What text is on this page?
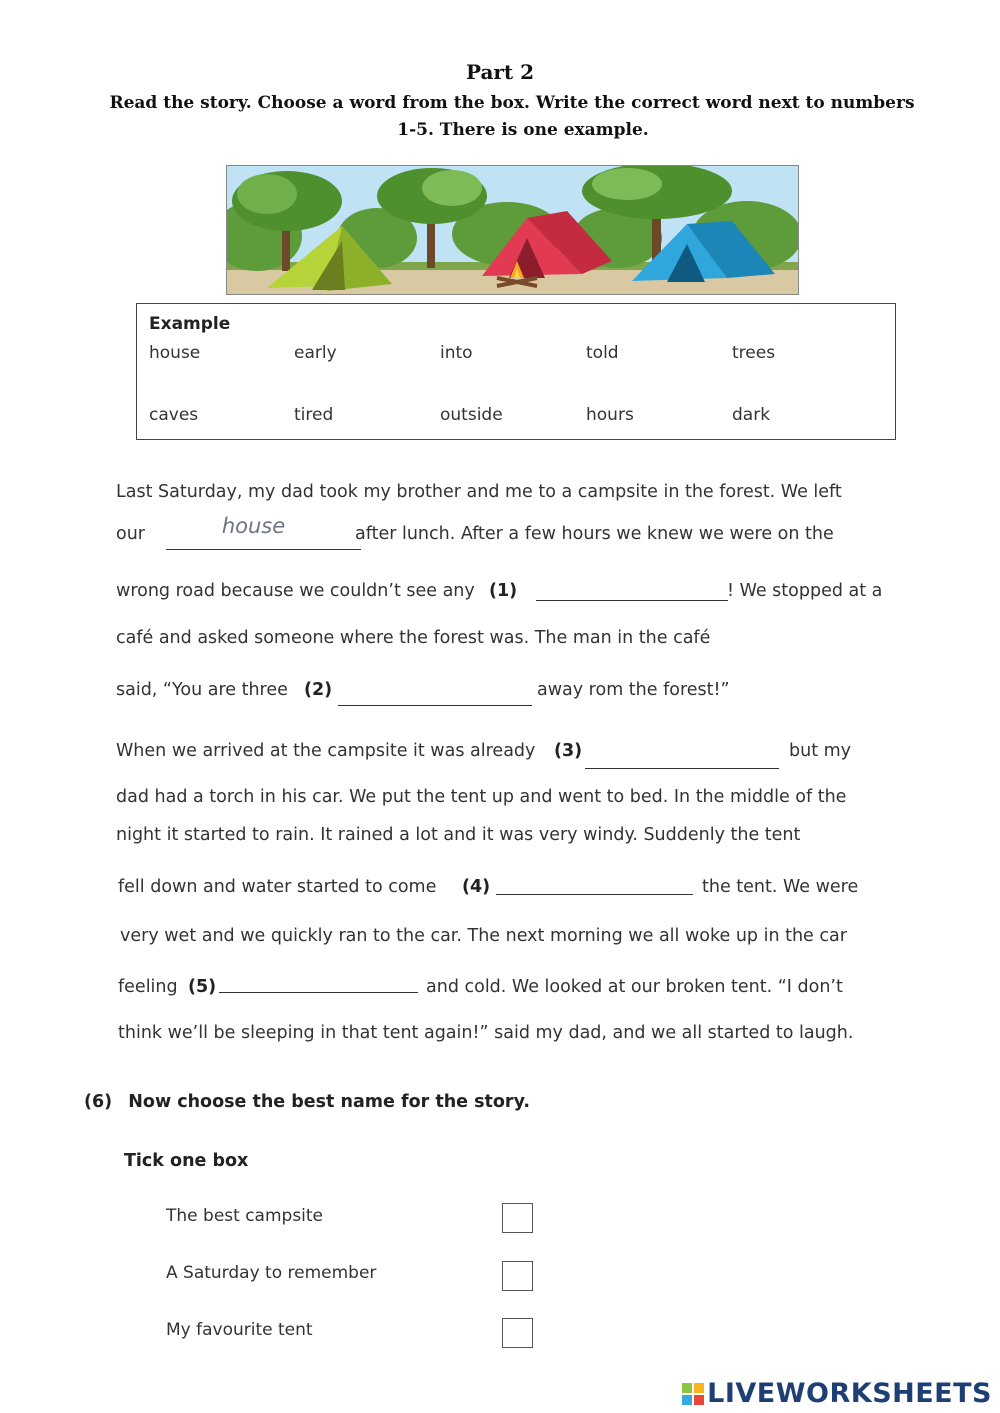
Part 2
Read the story. Choose a word from the box. Write the correct word next to numbers
1-5. There is one example.
Example
house	early	into	told	trees
caves	tired	outside	hours	dark
Last Saturday, my dad took my brother and me to a campsite in the forest. We left
our	house	after lunch. After a few hours we knew we were on the
wrong road because we couldn’t see any (1)	! We stopped at a
café and asked someone where the forest was. The man in the café
said, “You are three (2)	away rom the forest!”
When we arrived at the campsite it was already (3)	but my
dad had a torch in his car. We put the tent up and went to bed. In the middle of the
night it started to rain. It rained a lot and it was very windy. Suddenly the tent
fell down and water started to come (4)	the tent. We were
very wet and we quickly ran to the car. The next morning we all woke up in the car
feeling (5)	and cold. We looked at our broken tent. “I don’t
think we’ll be sleeping in that tent again!” said my dad, and we all started to laugh.
(6) Now choose the best name for the story.
Tick one box
The best campsite
A Saturday to remember
My favourite tent
LIVEWORKSHEETS
